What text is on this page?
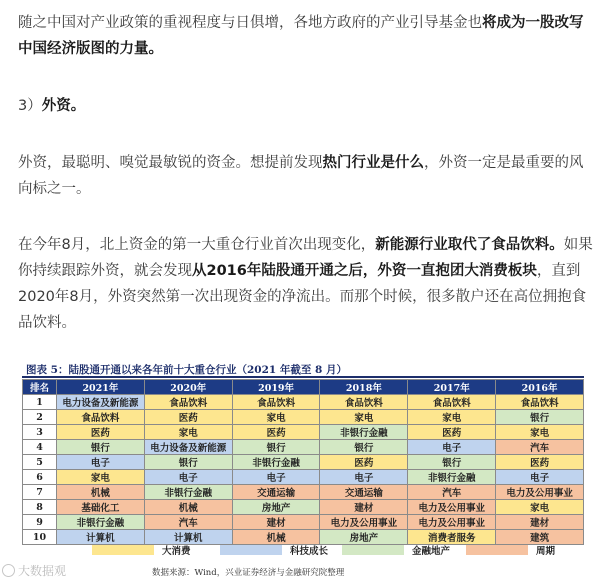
随之中国对产业政策的重视程度与日俱增，各地方政府的产业引导基金也将成为一股改写中国经济版图的力量。

3）外资。

外资，最聪明、嗅觉最敏锐的资金。想提前发现热门行业是什么，外资一定是最重要的风向标之一。

在今年8月，北上资金的第一大重仓行业首次出现变化，新能源行业取代了食品饮料。如果你持续跟踪外资，就会发现从2016年陆股通开通之后，外资一直抱团大消费板块，直到2020年8月，外资突然第一次出现资金的净流出。而那个时候，很多散户还在高位拥抱食品饮料。

图表 5：陆股通开通以来各年前十大重仓行业（2021 年截至 8 月）
排名	2021年	2020年	2019年	2018年	2017年	2016年
1	电力设备及新能源	食品饮料	食品饮料	食品饮料	食品饮料	食品饮料
2	食品饮料	医药	家电	家电	家电	银行
3	医药	家电	医药	非银行金融	医药	家电
4	银行	电力设备及新能源	银行	银行	电子	汽车
5	电子	银行	非银行金融	医药	银行	医药
6	家电	电子	电子	电子	非银行金融	电子
7	机械	非银行金融	交通运输	交通运输	汽车	电力及公用事业
8	基础化工	机械	房地产	建材	电力及公用事业	家电
9	非银行金融	汽车	建材	电力及公用事业	电力及公用事业	建材
10	计算机	计算机	机械	房地产	消费者服务	建筑
大消费	科技成长	金融地产	周期
数据来源：Wind，兴业证券经济与金融研究院整理
大数据观
